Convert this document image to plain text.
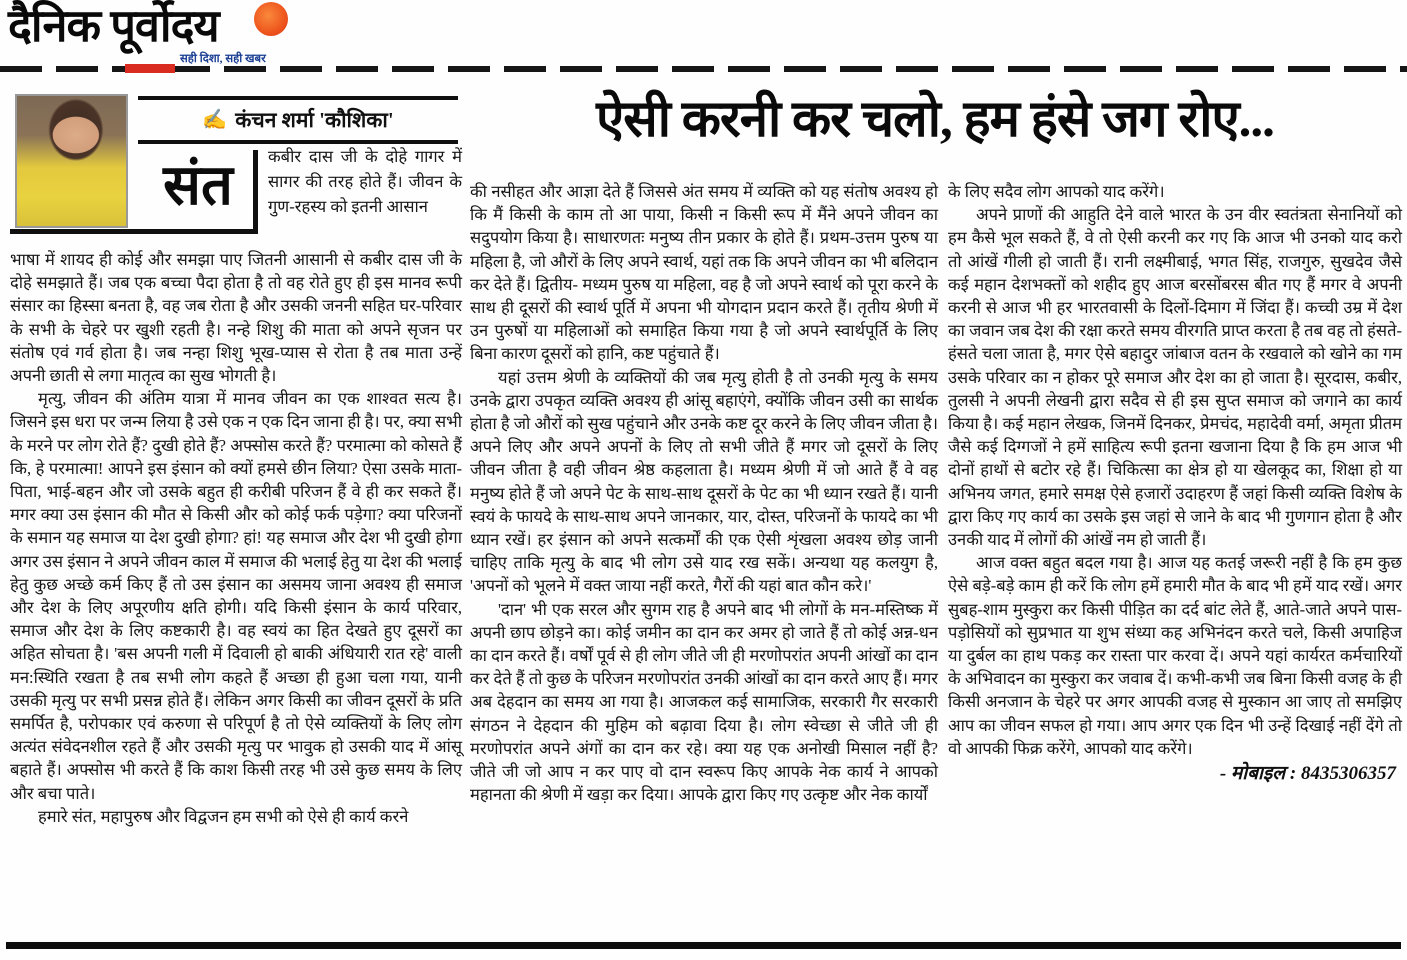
दैनिक पूर्वोदय
सही दिशा, सही खबर
ऐसी करनी कर चलो, हम हंसे जग रोए...
✍ कंचन शर्मा 'कौशिका'
संत	कबीर दास जी के दोहे गागर में सागर की तरह होते हैं। जीवन के गुण-रहस्य को इतनी आसान

भाषा में शायद ही कोई और समझा पाए जितनी आसानी से कबीर दास जी के दोहे समझाते हैं। जब एक बच्चा पैदा होता है तो वह रोते हुए ही इस मानव रूपी संसार का हिस्सा बनता है, वह जब रोता है और उसकी जननी सहित घर-परिवार के सभी के चेहरे पर खुशी रहती है। नन्हे शिशु की माता को अपने सृजन पर संतोष एवं गर्व होता है। जब नन्हा शिशु भूख-प्यास से रोता है तब माता उन्हें अपनी छाती से लगा मातृत्व का सुख भोगती है।

मृत्यु, जीवन की अंतिम यात्रा में मानव जीवन का एक शाश्वत सत्य है। जिसने इस धरा पर जन्म लिया है उसे एक न एक दिन जाना ही है। पर, क्या सभी के मरने पर लोग रोते हैं? दुखी होते हैं? अफ्सोस करते हैं? परमात्मा को कोसते हैं कि, हे परमात्मा! आपने इस इंसान को क्यों हमसे छीन लिया? ऐसा उसके माता-पिता, भाई-बहन और जो उसके बहुत ही करीबी परिजन हैं वे ही कर सकते हैं। मगर क्या उस इंसान की मौत से किसी और को कोई फर्क पड़ेगा? क्या परिजनों के समान यह समाज या देश दुखी होगा? हां! यह समाज और देश भी दुखी होगा अगर उस इंसान ने अपने जीवन काल में समाज की भलाई हेतु या देश की भलाई हेतु कुछ अच्छे कर्म किए हैं तो उस इंसान का असमय जाना अवश्य ही समाज और देश के लिए अपूरणीय क्षति होगी। यदि किसी इंसान के कार्य परिवार, समाज और देश के लिए कष्टकारी है। वह स्वयं का हित देखते हुए दूसरों का अहित सोचता है। 'बस अपनी गली में दिवाली हो बाकी अंधियारी रात रहे' वाली मन:स्थिति रखता है तब सभी लोग कहते हैं अच्छा ही हुआ चला गया, यानी उसकी मृत्यु पर सभी प्रसन्न होते हैं। लेकिन अगर किसी का जीवन दूसरों के प्रति समर्पित है, परोपकार एवं करुणा से परिपूर्ण है तो ऐसे व्यक्तियों के लिए लोग अत्यंत संवेदनशील रहते हैं और उसकी मृत्यु पर भावुक हो उसकी याद में आंसू बहाते हैं। अफ्सोस भी करते हैं कि काश किसी तरह भी उसे कुछ समय के लिए और बचा पाते।

हमारे संत, महापुरुष और विद्वजन हम सभी को ऐसे ही कार्य करने

की नसीहत और आज्ञा देते हैं जिससे अंत समय में व्यक्ति को यह संतोष अवश्य हो कि मैं किसी के काम तो आ पाया, किसी न किसी रूप में मैंने अपने जीवन का सदुपयोग किया है। साधारणतः मनुष्य तीन प्रकार के होते हैं। प्रथम-उत्तम पुरुष या महिला है, जो औरों के लिए अपने स्वार्थ, यहां तक कि अपने जीवन का भी बलिदान कर देते हैं। द्वितीय- मध्यम पुरुष या महिला, वह है जो अपने स्वार्थ को पूरा करने के साथ ही दूसरों की स्वार्थ पूर्ति में अपना भी योगदान प्रदान करते हैं। तृतीय श्रेणी में उन पुरुषों या महिलाओं को समाहित किया गया है जो अपने स्वार्थपूर्ति के लिए बिना कारण दूसरों को हानि, कष्ट पहुंचाते हैं।

यहां उत्तम श्रेणी के व्यक्तियों की जब मृत्यु होती है तो उनकी मृत्यु के समय उनके द्वारा उपकृत व्यक्ति अवश्य ही आंसू बहाएंगे, क्योंकि जीवन उसी का सार्थक होता है जो औरों को सुख पहुंचाने और उनके कष्ट दूर करने के लिए जीवन जीता है। अपने लिए और अपने अपनों के लिए तो सभी जीते हैं मगर जो दूसरों के लिए जीवन जीता है वही जीवन श्रेष्ठ कहलाता है। मध्यम श्रेणी में जो आते हैं वे वह मनुष्य होते हैं जो अपने पेट के साथ-साथ दूसरों के पेट का भी ध्यान रखते हैं। यानी स्वयं के फायदे के साथ-साथ अपने जानकार, यार, दोस्त, परिजनों के फायदे का भी ध्यान रखें। हर इंसान को अपने सत्कर्मों की एक ऐसी शृंखला अवश्य छोड़ जानी चाहिए ताकि मृत्यु के बाद भी लोग उसे याद रख सकें। अन्यथा यह कलयुग है, 'अपनों को भूलने में वक्त जाया नहीं करते, गैरों की यहां बात कौन करे।'

'दान' भी एक सरल और सुगम राह है अपने बाद भी लोगों के मन-मस्तिष्क में अपनी छाप छोड़ने का। कोई जमीन का दान कर अमर हो जाते हैं तो कोई अन्न-धन का दान करते हैं। वर्षों पूर्व से ही लोग जीते जी ही मरणोपरांत अपनी आंखों का दान कर देते हैं तो कुछ के परिजन मरणोपरांत उनकी आंखों का दान करते आए हैं। मगर अब देहदान का समय आ गया है। आजकल कई सामाजिक, सरकारी गैर सरकारी संगठन ने देहदान की मुहिम को बढ़ावा दिया है। लोग स्वेच्छा से जीते जी ही मरणोपरांत अपने अंगों का दान कर रहे। क्या यह एक अनोखी मिसाल नहीं है? जीते जी जो आप न कर पाए वो दान स्वरूप किए आपके नेक कार्य ने आपको महानता की श्रेणी में खड़ा कर दिया। आपके द्वारा किए गए उत्कृष्ट और नेक कार्यों

के लिए सदैव लोग आपको याद करेंगे।

अपने प्राणों की आहुति देने वाले भारत के उन वीर स्वतंत्रता सेनानियों को हम कैसे भूल सकते हैं, वे तो ऐसी करनी कर गए कि आज भी उनको याद करो तो आंखें गीली हो जाती हैं। रानी लक्ष्मीबाई, भगत सिंह, राजगुरु, सुखदेव जैसे कई महान देशभक्तों को शहीद हुए आज बरसोंबरस बीत गए हैं मगर वे अपनी करनी से आज भी हर भारतवासी के दिलों-दिमाग में जिंदा हैं। कच्ची उम्र में देश का जवान जब देश की रक्षा करते समय वीरगति प्राप्त करता है तब वह तो हंसते-हंसते चला जाता है, मगर ऐसे बहादुर जांबाज वतन के रखवाले को खोने का गम उसके परिवार का न होकर पूरे समाज और देश का हो जाता है। सूरदास, कबीर, तुलसी ने अपनी लेखनी द्वारा सदैव से ही इस सुप्त समाज को जगाने का कार्य किया है। कई महान लेखक, जिनमें दिनकर, प्रेमचंद, महादेवी वर्मा, अमृता प्रीतम जैसे कई दिग्गजों ने हमें साहित्य रूपी इतना खजाना दिया है कि हम आज भी दोनों हाथों से बटोर रहे हैं। चिकित्सा का क्षेत्र हो या खेलकूद का, शिक्षा हो या अभिनय जगत, हमारे समक्ष ऐसे हजारों उदाहरण हैं जहां किसी व्यक्ति विशेष के द्वारा किए गए कार्य का उसके इस जहां से जाने के बाद भी गुणगान होता है और उनकी याद में लोगों की आंखें नम हो जाती हैं।

आज वक्त बहुत बदल गया है। आज यह कतई जरूरी नहीं है कि हम कुछ ऐसे बड़े-बड़े काम ही करें कि लोग हमें हमारी मौत के बाद भी हमें याद रखें। अगर सुबह-शाम मुस्कुरा कर किसी पीड़ित का दर्द बांट लेते हैं, आते-जाते अपने पास-पड़ोसियों को सुप्रभात या शुभ संध्या कह अभिनंदन करते चले, किसी अपाहिज या दुर्बल का हाथ पकड़ कर रास्ता पार करवा दें। अपने यहां कार्यरत कर्मचारियों के अभिवादन का मुस्कुरा कर जवाब दें। कभी-कभी जब बिना किसी वजह के ही किसी अनजान के चेहरे पर अगर आपकी वजह से मुस्कान आ जाए तो समझिए आप का जीवन सफल हो गया। आप अगर एक दिन भी उन्हें दिखाई नहीं देंगे तो वो आपकी फिक्र करेंगे, आपको याद करेंगे।

- मोबाइल : 8435306357
